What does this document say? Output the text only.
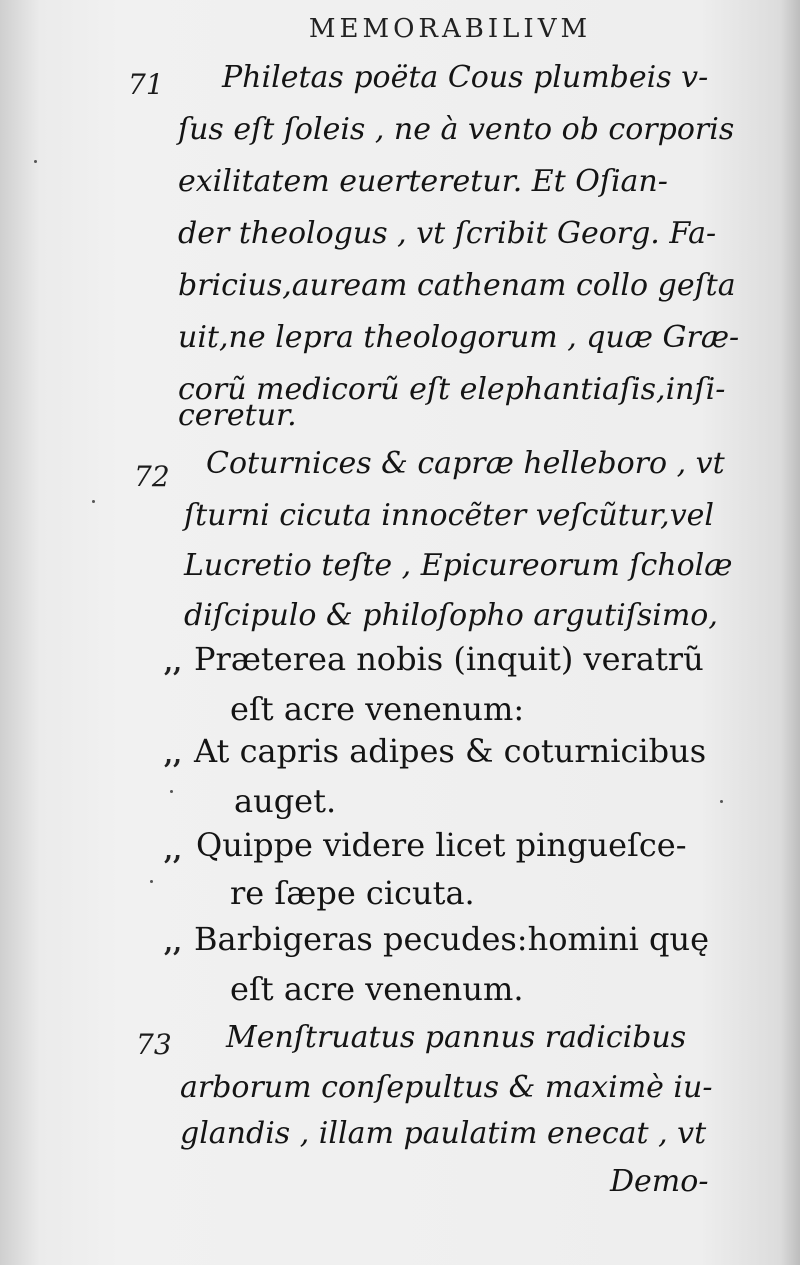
MEMORABILIVM
71 Philetas poëta Cous plumbeis v-
ſus eſt ſoleis , ne à vento ob corporis
exilitatem euerteretur. Et Oſian-
der theologus , vt ſcribit Georg. Fa-
bricius,auream cathenam collo geſta
uit,ne lepra theologorum , quæ Græ-
corũ medicorũ eſt elephantiaſis,inſi-
ceretur.
72 Coturnices & capræ helleboro , vt
ſturni cicuta innocẽter veſcũtur,vel
Lucretio teſte , Epicureorum ſcholæ
diſcipulo & philoſopho argutiſsimo,
,, Præterea nobis (inquit) veratrũ
eſt acre venenum:
,, At capris adipes & coturnicibus
auget.
,, Quippe videre licet pingueſce-
re ſæpe cicuta.
,, Barbigeras pecudes:homini quę
eſt acre venenum.
73 Menſtruatus pannus radicibus
arborum conſepultus & maximè iu-
glandis , illam paulatim enecat , vt
Demo-
